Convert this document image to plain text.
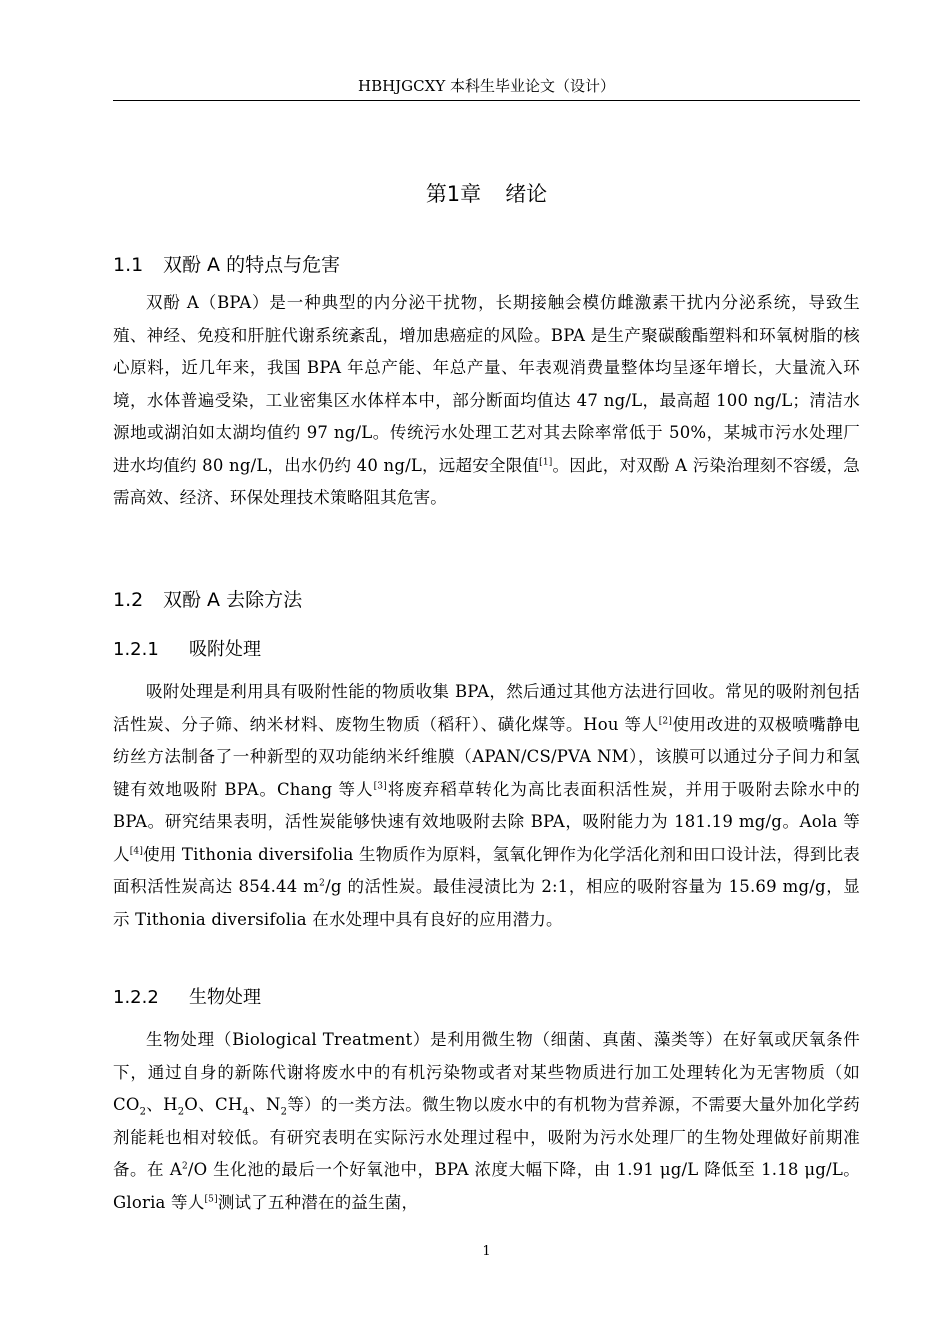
HBHJGCXY 本科生毕业论文（设计）
第1章 绪论
1.1 双酚 A 的特点与危害

双酚 A（BPA）是一种典型的内分泌干扰物，长期接触会模仿雌激素干扰内分泌系统，导致生殖、神经、免疫和肝脏代谢系统紊乱，增加患癌症的风险。BPA 是生产聚碳酸酯塑料和环氧树脂的核心原料，近几年来，我国 BPA 年总产能、年总产量、年表观消费量整体均呈逐年增长，大量流入环境，水体普遍受染，工业密集区水体样本中，部分断面均值达 47 ng/L，最高超 100 ng/L；清洁水源地或湖泊如太湖均值约 97 ng/L。传统污水处理工艺对其去除率常低于 50%，某城市污水处理厂进水均值约 80 ng/L，出水仍约 40 ng/L，远超安全限值[1]。因此，对双酚 A 污染治理刻不容缓，急需高效、经济、环保处理技术策略阻其危害。

1.2 双酚 A 去除方法
1.2.1 吸附处理

吸附处理是利用具有吸附性能的物质收集 BPA，然后通过其他方法进行回收。常见的吸附剂包括活性炭、分子筛、纳米材料、废物生物质（稻秆）、磺化煤等。Hou 等人[2]使用改进的双极喷嘴静电纺丝方法制备了一种新型的双功能纳米纤维膜（APAN/CS/PVA NM），该膜可以通过分子间力和氢键有效地吸附 BPA。Chang 等人[3]将废弃稻草转化为高比表面积活性炭，并用于吸附去除水中的 BPA。研究结果表明，活性炭能够快速有效地吸附去除 BPA，吸附能力为 181.19 mg/g。Aola 等人[4]使用 Tithonia diversifolia 生物质作为原料，氢氧化钾作为化学活化剂和田口设计法，得到比表面积活性炭高达 854.44 $m^2/g$ 的活性炭。最佳浸渍比为 2:1，相应的吸附容量为 15.69 mg/g，显示 Tithonia diversifolia 在水处理中具有良好的应用潜力。

1.2.2 生物处理

生物处理（Biological Treatment）是利用微生物（细菌、真菌、藻类等）在好氧或厌氧条件下，通过自身的新陈代谢将废水中的有机污染物或者对某些物质进行加工处理转化为无害物质（如 $CO_2$、$H_2O$、$CH_4$、$N_2$等）的一类方法。微生物以废水中的有机物为营养源，不需要大量外加化学药剂能耗也相对较低。有研究表明在实际污水处理过程中，吸附为污水处理厂的生物处理做好前期准备。在 $A^2/O$ 生化池的最后一个好氧池中，BPA 浓度大幅下降，由 1.91 μg/L 降低至 1.18 μg/L。Gloria 等人[5]测试了五种潜在的益生菌，

1
